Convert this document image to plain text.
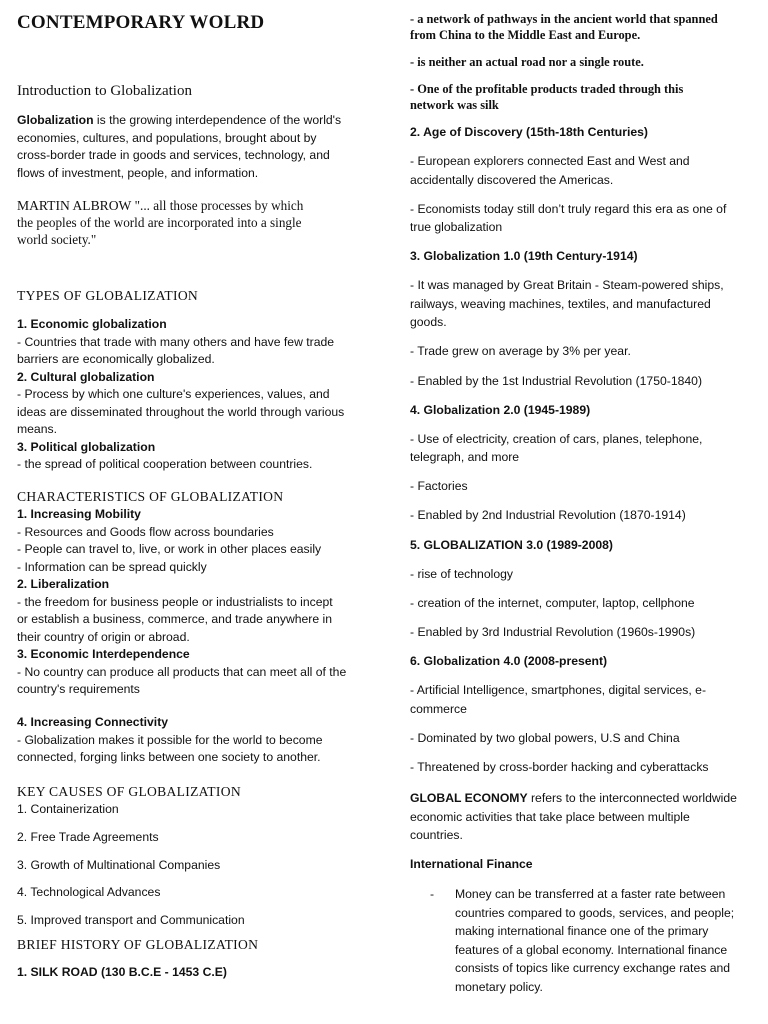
CONTEMPORARY WOLRD
Introduction to Globalization
Globalization is the growing interdependence of the world's
economies, cultures, and populations, brought about by
cross-border trade in goods and services, technology, and
flows of investment, people, and information.
MARTIN ALBROW "... all those processes by which
the peoples of the world are incorporated into a single
world society."
TYPES OF GLOBALIZATION
1. Economic globalization
- Countries that trade with many others and have few trade
barriers are economically globalized.
2. Cultural globalization
- Process by which one culture's experiences, values, and
ideas are disseminated throughout the world through various
means.
3. Political globalization
- the spread of political cooperation between countries.
CHARACTERISTICS OF GLOBALIZATION
1. Increasing Mobility
- Resources and Goods flow across boundaries
- People can travel to, live, or work in other places easily
- Information can be spread quickly
2. Liberalization
- the freedom for business people or industrialists to incept
or establish a business, commerce, and trade anywhere in
their country of origin or abroad.
3. Economic Interdependence
- No country can produce all products that can meet all of the
country's requirements
4. Increasing Connectivity
- Globalization makes it possible for the world to become
connected, forging links between one society to another.
KEY CAUSES OF GLOBALIZATION
1. Containerization
2. Free Trade Agreements
3. Growth of Multinational Companies
4. Technological Advances
5. Improved transport and Communication
BRIEF HISTORY OF GLOBALIZATION
1. SILK ROAD (130 B.C.E - 1453 C.E)
- a network of pathways in the ancient world that spanned
from China to the Middle East and Europe.
- is neither an actual road nor a single route.
- One of the profitable products traded through this
network was silk
2. Age of Discovery (15th-18th Centuries)
- European explorers connected East and West and
accidentally discovered the Americas.
- Economists today still don’t truly regard this era as one of
true globalization
3. Globalization 1.0 (19th Century-1914)
- It was managed by Great Britain - Steam-powered ships,
railways, weaving machines, textiles, and manufactured
goods.
- Trade grew on average by 3% per year.
- Enabled by the 1st Industrial Revolution (1750-1840)
4. Globalization 2.0 (1945-1989)
- Use of electricity, creation of cars, planes, telephone,
telegraph, and more
- Factories
- Enabled by 2nd Industrial Revolution (1870-1914)
5. GLOBALIZATION 3.0 (1989-2008)
- rise of technology
- creation of the internet, computer, laptop, cellphone
- Enabled by 3rd Industrial Revolution (1960s-1990s)
6. Globalization 4.0 (2008-present)
- Artificial Intelligence, smartphones, digital services, e-
commerce
- Dominated by two global powers, U.S and China
- Threatened by cross-border hacking and cyberattacks
GLOBAL ECONOMY refers to the interconnected worldwide
economic activities that take place between multiple
countries.
International Finance
- Money can be transferred at a faster rate between
countries compared to goods, services, and people;
making international finance one of the primary
features of a global economy. International finance
consists of topics like currency exchange rates and
monetary policy.
